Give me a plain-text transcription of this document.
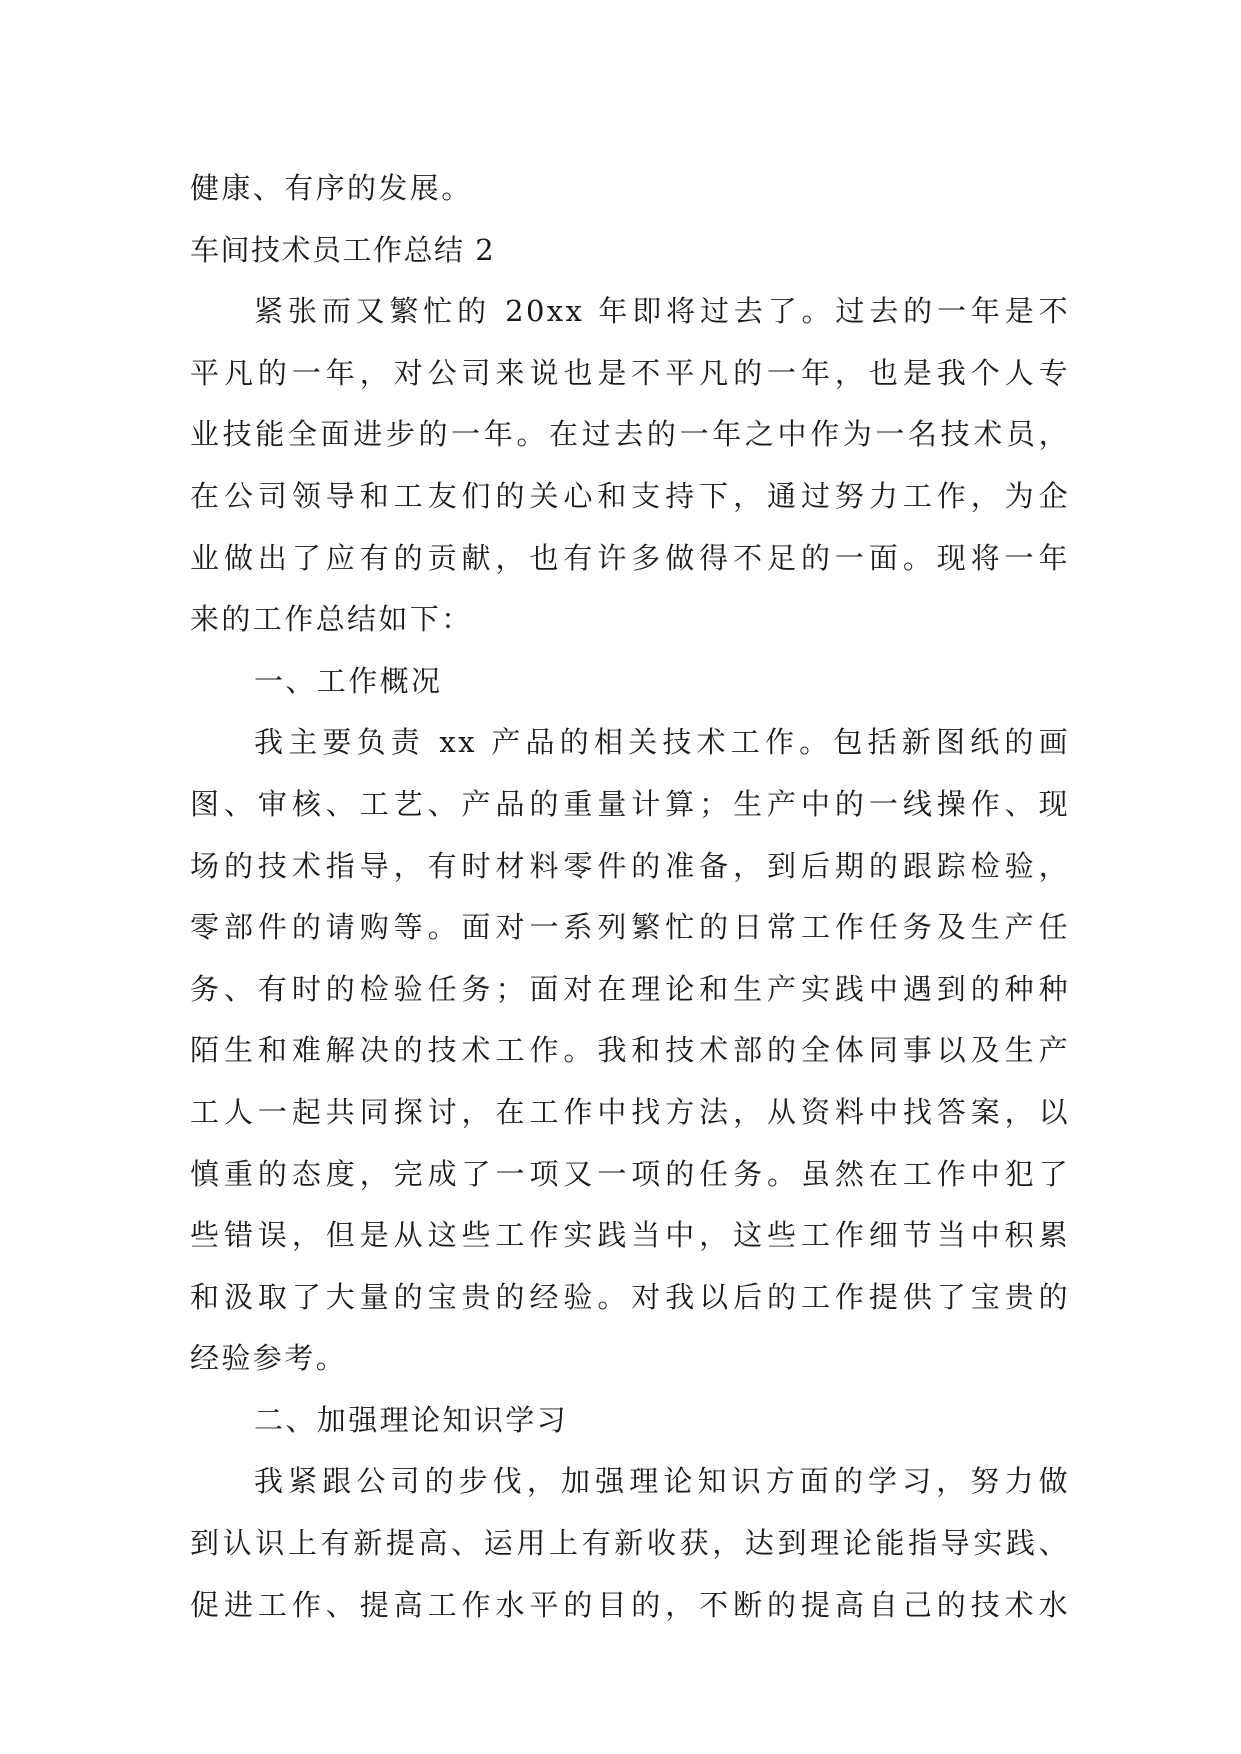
健康、有序的发展。
车间技术员工作总结 2
紧张而又繁忙的 20xx 年即将过去了。过去的一年是不
平凡的一年，对公司来说也是不平凡的一年，也是我个人专
业技能全面进步的一年。在过去的一年之中作为一名技术员，
在公司领导和工友们的关心和支持下，通过努力工作，为企
业做出了应有的贡献，也有许多做得不足的一面。现将一年
来的工作总结如下：
一、工作概况
我主要负责 xx 产品的相关技术工作。包括新图纸的画
图、审核、工艺、产品的重量计算；生产中的一线操作、现
场的技术指导，有时材料零件的准备，到后期的跟踪检验，
零部件的请购等。面对一系列繁忙的日常工作任务及生产任
务、有时的检验任务；面对在理论和生产实践中遇到的种种
陌生和难解决的技术工作。我和技术部的全体同事以及生产
工人一起共同探讨，在工作中找方法，从资料中找答案，以
慎重的态度，完成了一项又一项的任务。虽然在工作中犯了
些错误，但是从这些工作实践当中，这些工作细节当中积累
和汲取了大量的宝贵的经验。对我以后的工作提供了宝贵的
经验参考。
二、加强理论知识学习
我紧跟公司的步伐，加强理论知识方面的学习，努力做
到认识上有新提高、运用上有新收获，达到理论能指导实践、
促进工作、提高工作水平的目的，不断的提高自己的技术水
